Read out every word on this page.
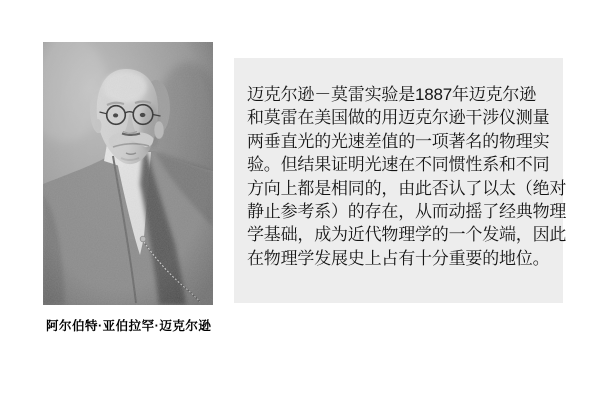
阿尔伯特·亚伯拉罕·迈克尔逊

迈克尔逊－莫雷实验是1887年迈克尔逊

和莫雷在美国做的用迈克尔逊干涉仪测量

两垂直光的光速差值的一项著名的物理实

验。但结果证明光速在不同惯性系和不同

方向上都是相同的，由此否认了以太（绝对

静止参考系）的存在，从而动摇了经典物理

学基础，成为近代物理学的一个发端，因此

在物理学发展史上占有十分重要的地位。
